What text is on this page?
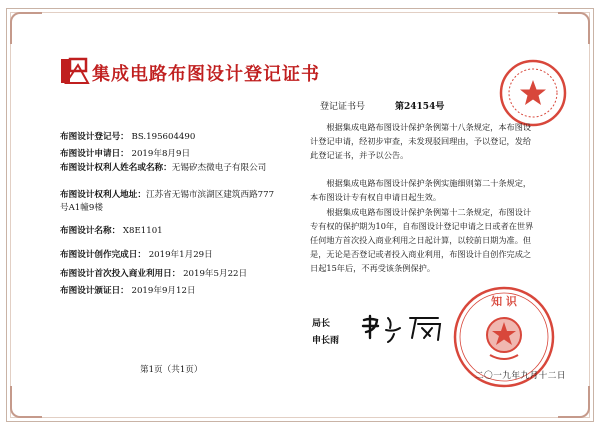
集成电路布图设计登记证书
布图设计登记号： BS.195604490
布图设计申请日： 2019年8月9日
布图设计权利人姓名或名称：无锡矽杰微电子有限公司
布图设计权利人地址：江苏省无锡市滨湖区建筑西路777号A1幢9楼
布图设计名称： X8E1101
布图设计创作完成日： 2019年1月29日
布图设计首次投入商业利用日： 2019年5月22日
布图设计颁证日： 2019年9月12日
登记证书号	第24154号
根据集成电路布图设计保护条例第十八条规定，本布图设计登记申请，经初步审查，未发现驳回理由，予以登记，发给此登记证书，并予以公告。
根据集成电路布图设计保护条例实施细则第二十条规定，本布图设计专有权自申请日起生效。
根据集成电路布图设计保护条例第十二条规定，布图设计专有权的保护期为10年，自布图设计登记申请之日或者在世界任何地方首次投入商业利用之日起计算，以较前日期为准。但是，无论是否登记或者投入商业利用，布图设计自创作完成之日起15年后，不再受该条例保护。
局长
申长雨
知 识
二〇一九年九月十二日
第1页（共1页）
